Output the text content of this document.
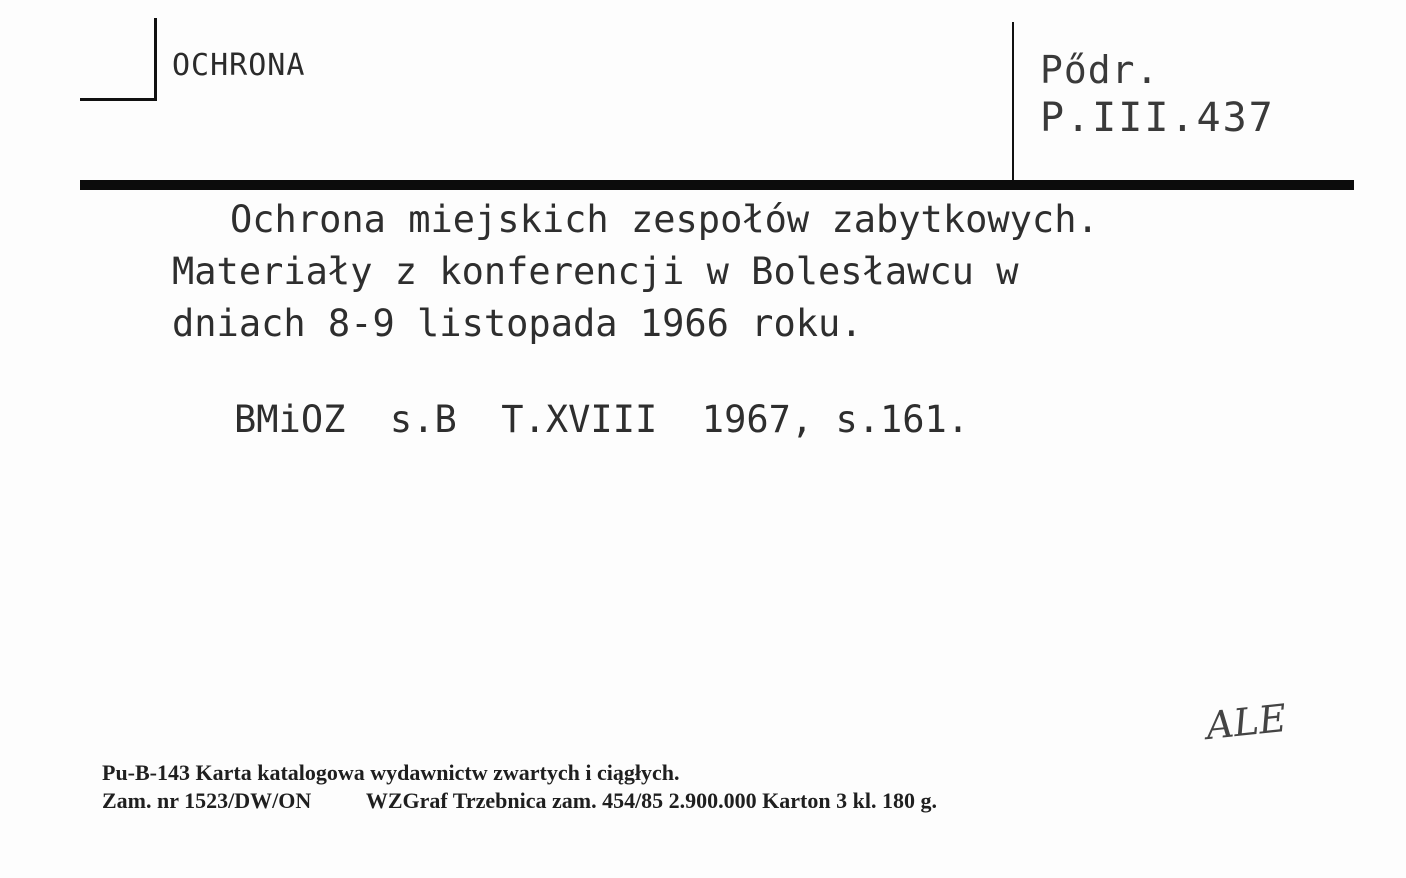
OCHRONA	Pődr.
P.III.437
Ochrona miejskich zespołów zabytkowych.
Materiały z konferencji w Bolesławcu w
dniach 8-9 listopada 1966 roku.
BMiOZ  s.B  T.XVIII  1967, s.161.
ALE
Pu-B-143 Karta katalogowa wydawnictw zwartych i ciągłych.
Zam. nr 1523/DW/ON          WZGraf Trzebnica zam. 454/85 2.900.000 Karton 3 kl. 180 g.
